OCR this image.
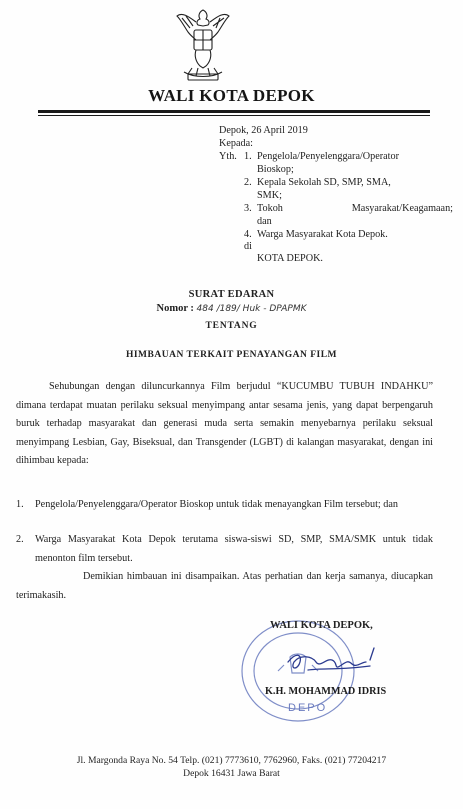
WALI KOTA DEPOK
Depok, 26 April 2019
Kepada:
Yth. 1. Pengelola/Penyelenggara/Operator
Bioskop;
2. Kepala Sekolah SD, SMP, SMA,
SMK;
3. Tokoh	Masyarakat/Keagamaan;
dan
4. Warga Masyarakat Kota Depok.
di
KOTA DEPOK.
SURAT EDARAN
Nomor : 484 /189/ Huk - DPAPMK
TENTANG
HIMBAUAN TERKAIT PENAYANGAN FILM
Sehubungan dengan diluncurkannya Film berjudul “KUCUMBU TUBUH INDAHKU” dimana terdapat muatan perilaku seksual menyimpang antar sesama jenis, yang dapat berpengaruh buruk terhadap masyarakat dan generasi muda serta semakin menyebarnya perilaku seksual menyimpang Lesbian, Gay, Biseksual, dan Transgender (LGBT) di kalangan masyarakat, dengan ini dihimbau kepada:
1.	Pengelola/Penyelenggara/Operator Bioskop untuk tidak menayangkan Film tersebut; dan
2.	Warga Masyarakat Kota Depok terutama siswa-siswi SD, SMP, SMA/SMK untuk tidak menonton film tersebut.
Demikian himbauan ini disampaikan. Atas perhatian dan kerja samanya, diucapkan terimakasih.
DEPO
WALI KOTA DEPOK,
K.H. MOHAMMAD IDRIS
Jl. Margonda Raya No. 54 Telp. (021) 7773610, 7762960, Faks. (021) 77204217
Depok 16431 Jawa Barat
